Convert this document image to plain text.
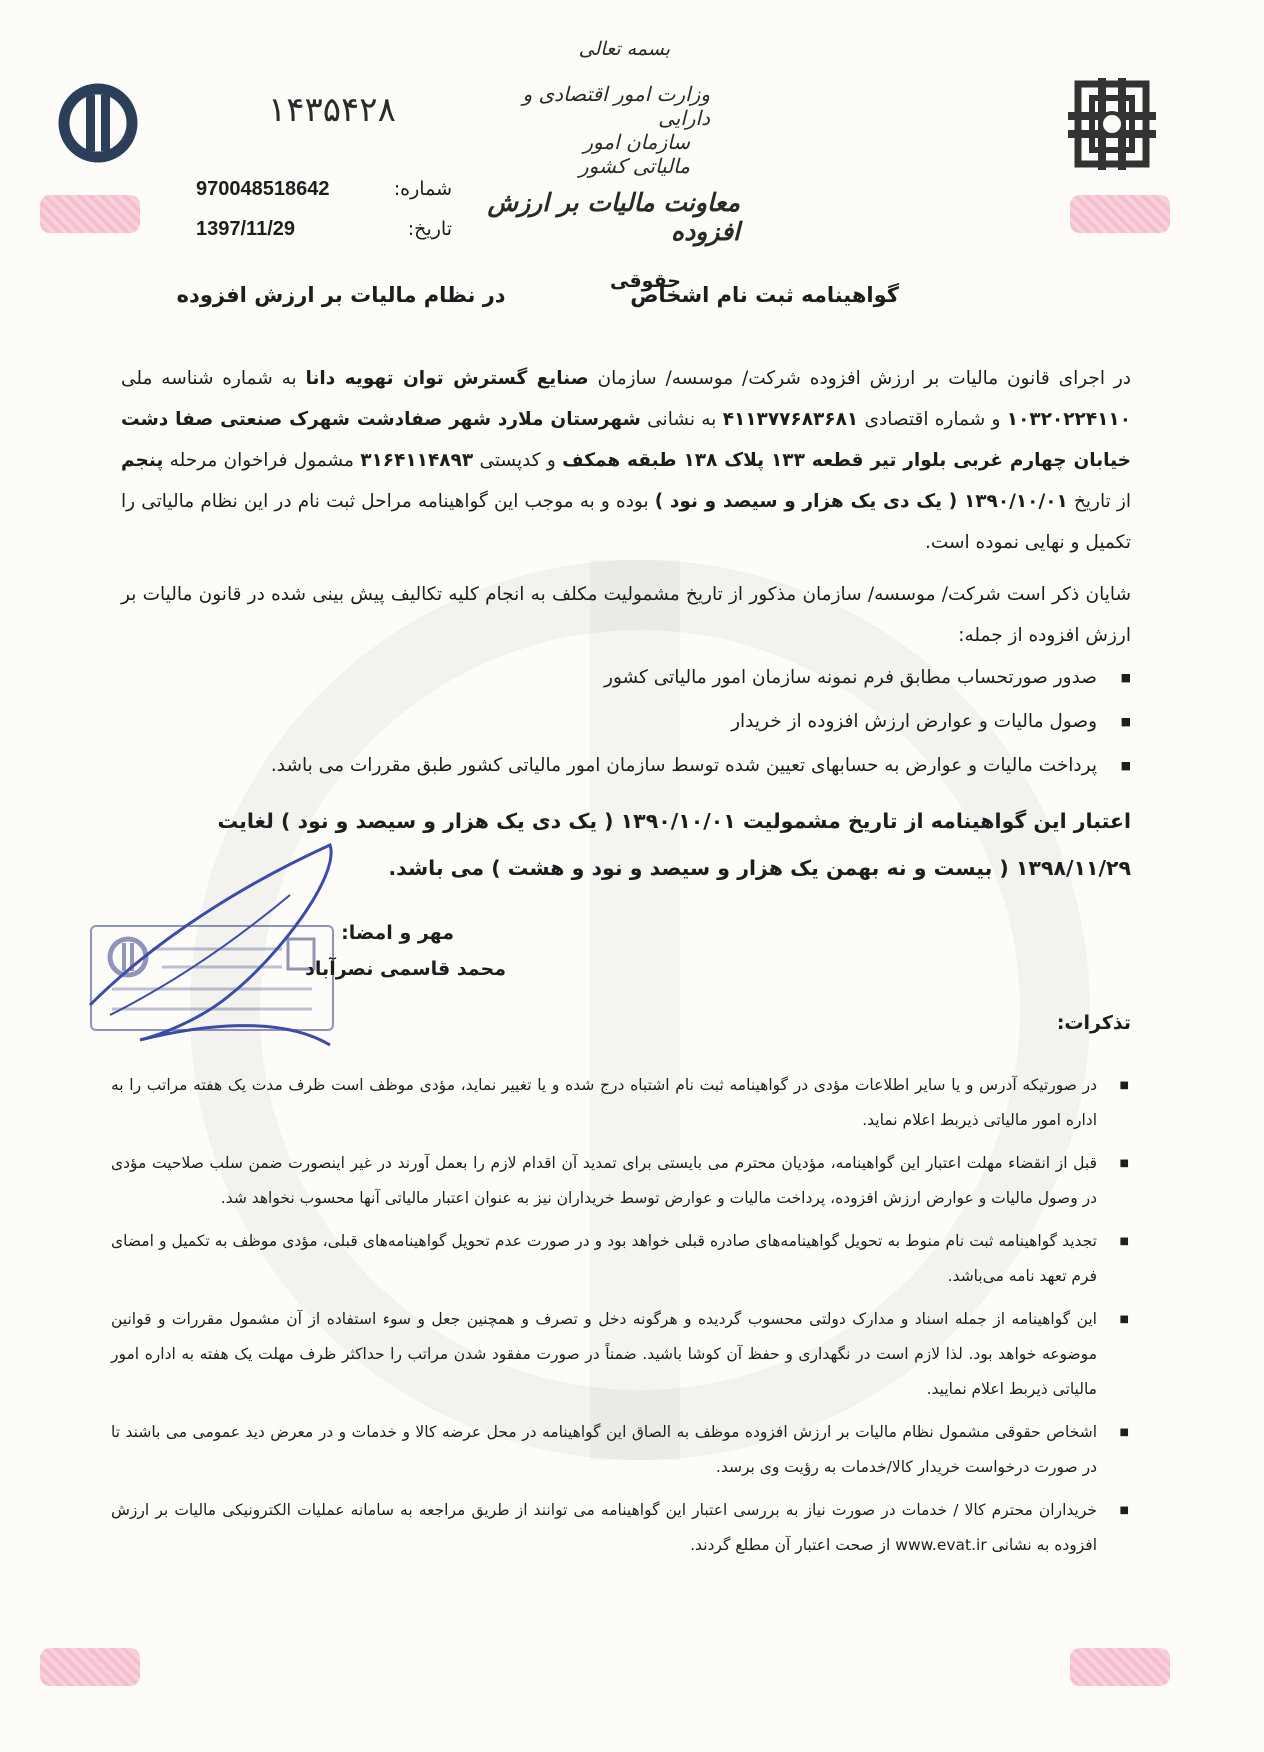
بسمه تعالی
وزارت امور اقتصادی و دارایی
سازمان امور مالیاتی کشور
معاونت مالیات بر ارزش افزوده
۱۴۳۵۴۲۸
شماره:
970048518642
تاریخ:
1397/11/29
گواهینامه ثبت نام اشخاص  در نظام مالیات بر ارزش افزوده
حقوقی
در اجرای قانون مالیات بر ارزش افزوده شرکت/ موسسه/ سازمان صنایع گسترش توان تهویه دانا به شماره شناسه ملی ۱۰۳۲۰۲۲۴۱۱۰ و شماره اقتصادی ۴۱۱۳۷۷۶۸۳۶۸۱ به نشانی شهرستان ملارد شهر صفادشت شهرک صنعتی صفا دشت خیابان چهارم غربی بلوار تیر قطعه ۱۳۳ پلاک ۱۳۸ طبقه همکف و کدپستی ۳۱۶۴۱۱۴۸۹۳ مشمول فراخوان مرحله پنجم از تاریخ ۱۳۹۰/۱۰/۰۱ ( یک دی یک هزار و سیصد و نود ) بوده و به موجب این گواهینامه مراحل ثبت نام در این نظام مالیاتی را تکمیل و نهایی نموده است.
شایان ذکر است شرکت/ موسسه/ سازمان مذکور از تاریخ مشمولیت مکلف به انجام کلیه تکالیف پیش بینی شده در قانون مالیات بر ارزش افزوده از جمله:
■ صدور صورتحساب مطابق فرم نمونه سازمان امور مالیاتی کشور
■ وصول مالیات و عوارض ارزش افزوده از خریدار
■ پرداخت مالیات و عوارض به حسابهای تعیین شده توسط سازمان امور مالیاتی کشور طبق مقررات می باشد.
اعتبار این گواهینامه از تاریخ مشمولیت ۱۳۹۰/۱۰/۰۱ ( یک دی یک هزار و سیصد و نود ) لغایت ۱۳۹۸/۱۱/۲۹ ( بیست و نه بهمن یک هزار و سیصد و نود و هشت ) می باشد.
مهر و امضا:
محمد قاسمی نصرآباد
تذکرات:
■ در صورتیکه آدرس و یا سایر اطلاعات مؤدی در گواهینامه ثبت نام اشتباه درج شده و یا تغییر نماید، مؤدی موظف است ظرف مدت یک هفته مراتب را به اداره امور مالیاتی ذیربط اعلام نماید.
■ قبل از انقضاء مهلت اعتبار این گواهینامه، مؤدیان محترم می بایستی برای تمدید آن اقدام لازم را بعمل آورند در غیر اینصورت ضمن سلب صلاحیت مؤدی در وصول مالیات و عوارض ارزش افزوده، پرداخت مالیات و عوارض توسط خریداران نیز به عنوان اعتبار مالیاتی آنها محسوب نخواهد شد.
■ تجدید گواهینامه ثبت نام منوط به تحویل گواهینامه‌های صادره قبلی خواهد بود و در صورت عدم تحویل گواهینامه‌های قبلی، مؤدی موظف به تکمیل و امضای فرم تعهد نامه می‌باشد.
■ این گواهینامه از جمله اسناد و مدارک دولتی محسوب گردیده و هرگونه دخل و تصرف و همچنین جعل و سوء استفاده از آن مشمول مقررات و قوانین موضوعه خواهد بود. لذا لازم است در نگهداری و حفظ آن کوشا باشید. ضمناً در صورت مفقود شدن مراتب را حداکثر ظرف مهلت یک هفته به اداره امور مالیاتی ذیربط اعلام نمایید.
■ اشخاص حقوقی مشمول نظام مالیات بر ارزش افزوده موظف به الصاق این گواهینامه در محل عرضه کالا و خدمات و در معرض دید عمومی می باشند تا در صورت درخواست خریدار کالا/خدمات به رؤیت وی برسد.
■ خریداران محترم کالا / خدمات در صورت نیاز به بررسی اعتبار این گواهینامه می توانند از طریق مراجعه به سامانه عملیات الکترونیکی مالیات بر ارزش افزوده به نشانی www.evat.ir از صحت اعتبار آن مطلع گردند.
